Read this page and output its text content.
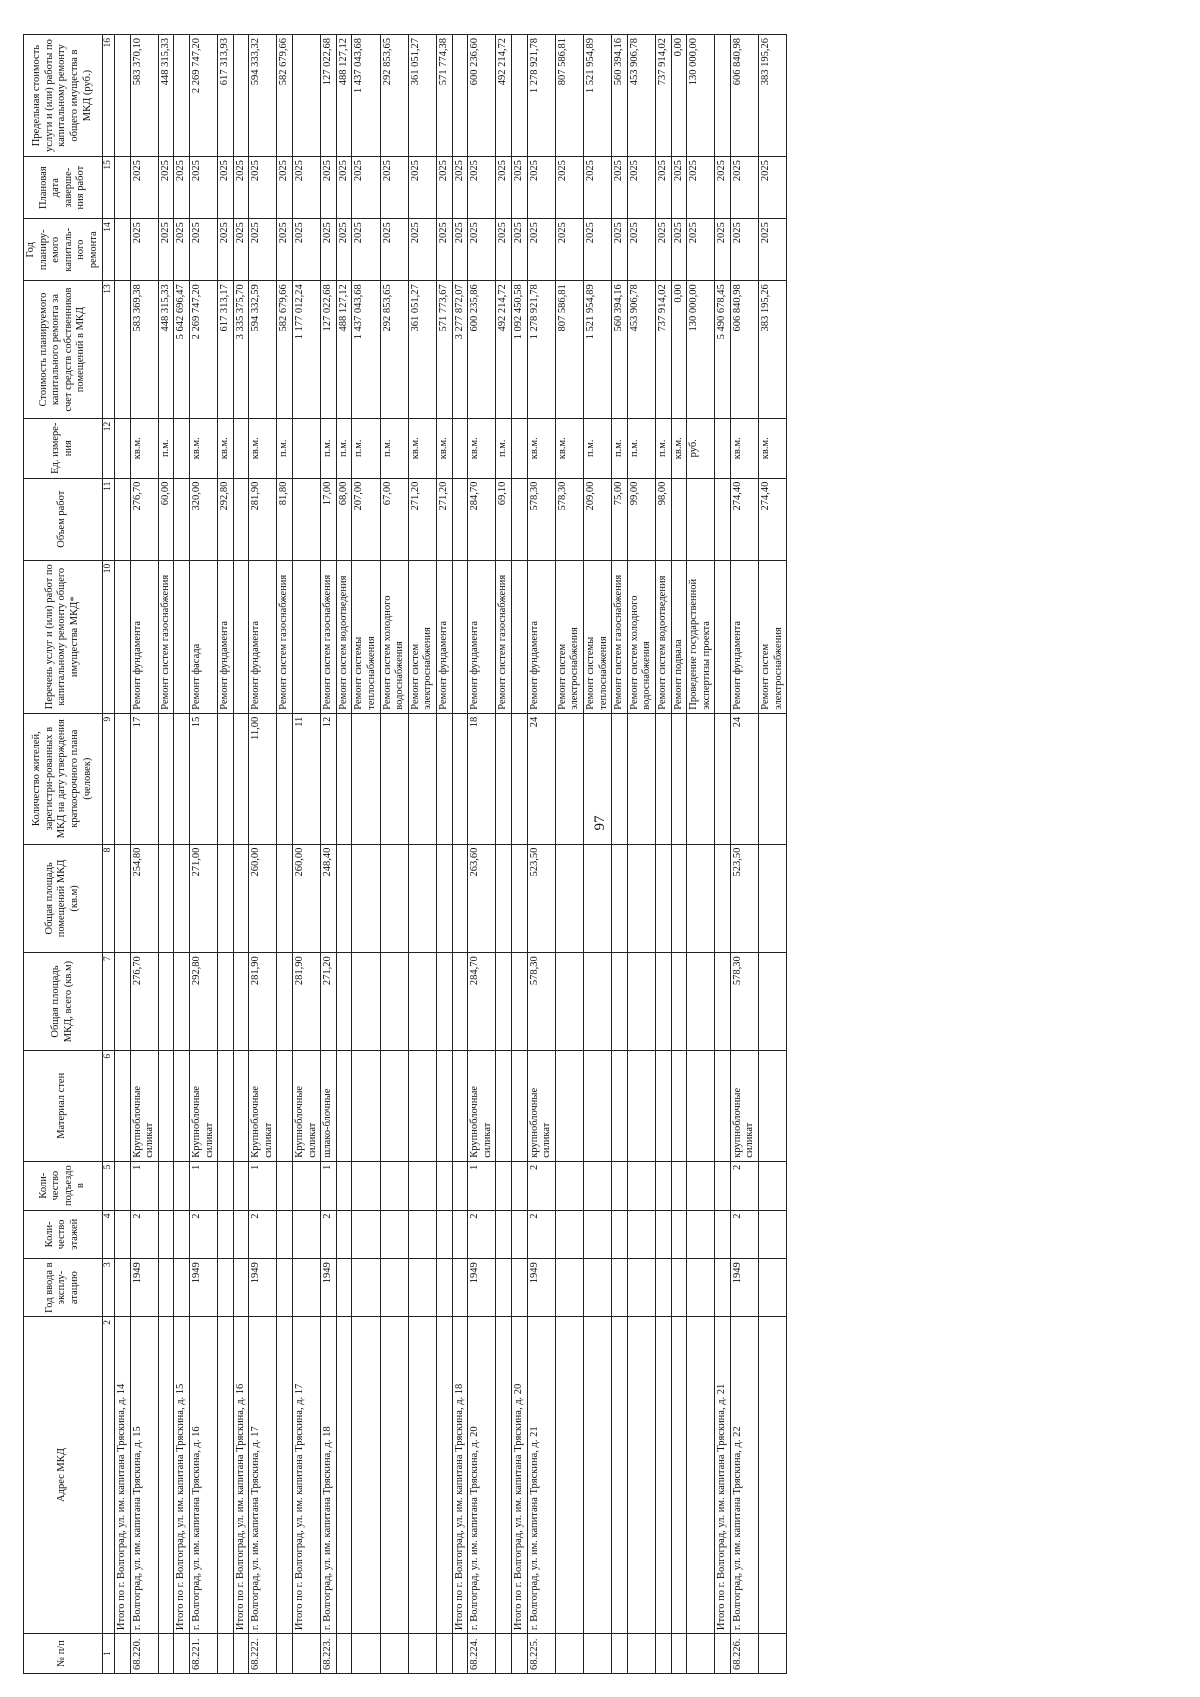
97
№ п/п	Адрес МКД	Год ввода в эксплу-атацию	Коли-чество этажей	Коли-чество подъездо в	Материал стен	Общая площадь МКД, всего (кв.м)	Общая площадь помещений МКД (кв.м)	Количество жителей, зарегистри-рованных в МКД на дату утверждения краткосрочного плана (человек)	Перечень услуг и (или) работ по капитальному ремонту общего имущества МКД*	Объем работ	Ед. измере-ния	Стоимость планируемого капитального ремонта за счет средств собственников помещений в МКД	Год планиру-емого капиталь-ного ремонта	Плановая дата заверше-ния работ	Предельная стоимость услуги и (или) работы по капитальному ремонту общего имущества в МКД (руб.)
1	2	3	4	5	6	7	8	9	10	11	12	13	14	15	16
	Итого по г. Волгоград, ул. им. капитана Тряскина, д. 14														
68.220.	г. Волгоград, ул. им. капитана Тряскина, д. 15	1949	2	1	Крупноблочные силикат	276,70	254,80	17	Ремонт фундамента	276,70	кв.м.	583 369,38	2025	2025	583 370,10
									Ремонт систем газоснабжения	60,00	п.м.	448 315,33	2025	2025	448 315,33
	Итого по г. Волгоград, ул. им. капитана Тряскина, д. 15											5 642 696,47	2025	2025	
68.221.	г. Волгоград, ул. им. капитана Тряскина, д. 16	1949	2	1	Крупноблочные силикат	292,80	271,00	15	Ремонт фасада	320,00	кв.м.	2 269 747,20	2025	2025	2 269 747,20
									Ремонт фундамента	292,80	кв.м.	617 313,17	2025	2025	617 313,93
	Итого по г. Волгоград, ул. им. капитана Тряскина, д. 16											3 335 375,70	2025	2025	
68.222.	г. Волгоград, ул. им. капитана Тряскина, д. 17	1949	2	1	Крупноблочные силикат	281,90	260,00	11,00	Ремонт фундамента	281,90	кв.м.	594 332,59	2025	2025	594 333,32
									Ремонт систем газоснабжения	81,80	п.м.	582 679,66	2025	2025	582 679,66
	Итого по г. Волгоград, ул. им. капитана Тряскина, д. 17				Крупноблочные силикат	281,90	260,00	11				1 177 012,24	2025	2025	
68.223.	г. Волгоград, ул. им. капитана Тряскина, д. 18	1949	2	1	шлако-блочные	271,20	248,40	12	Ремонт систем газоснабжения	17,00	п.м.	127 022,68	2025	2025	127 022,68
									Ремонт систем водоотведения	68,00	п.м.	488 127,12	2025	2025	488 127,12
									Ремонт системы теплоснабжения	207,00	п.м.	1 437 043,68	2025	2025	1 437 043,68
									Ремонт систем холодного водоснабжения	67,00	п.м.	292 853,65	2025	2025	292 853,65
									Ремонт систем электроснабжения	271,20	кв.м.	361 051,27	2025	2025	361 051,27
									Ремонт фундамента	271,20	кв.м.	571 773,67	2025	2025	571 774,38
	Итого по г. Волгоград, ул. им. капитана Тряскина, д. 18											3 277 872,07	2025	2025	
68.224.	г. Волгоград, ул. им. капитана Тряскина, д. 20	1949	2	1	Крупноблочные силикат	284,70	263,60	18	Ремонт фундамента	284,70	кв.м.	600 235,86	2025	2025	600 236,60
									Ремонт систем газоснабжения	69,10	п.м.	492 214,72	2025	2025	492 214,72
	Итого по г. Волгоград, ул. им. капитана Тряскина, д. 20											1 092 450,58	2025	2025	
68.225.	г. Волгоград, ул. им. капитана Тряскина, д. 21	1949	2	2	крупноблочные силикат	578,30	523,50	24	Ремонт фундамента	578,30	кв.м.	1 278 921,78	2025	2025	1 278 921,78
									Ремонт систем электроснабжения	578,30	кв.м.	807 586,81	2025	2025	807 586,81
									Ремонт системы теплоснабжения	209,00	п.м.	1 521 954,89	2025	2025	1 521 954,89
									Ремонт систем газоснабжения	75,00	п.м.	560 394,16	2025	2025	560 394,16
									Ремонт систем холодного водоснабжения	99,00	п.м.	453 906,78	2025	2025	453 906,78
									Ремонт систем водоотведения	98,00	п.м.	737 914,02	2025	2025	737 914,02
									Ремонт подвала		кв.м.	0,00	2025	2025	0,00
									Проведение государственной экспертизы проекта		руб.	130 000,00	2025	2025	130 000,00
	Итого по г. Волгоград, ул. им. капитана Тряскина, д. 21											5 490 678,45	2025	2025	
68.226.	г. Волгоград, ул. им. капитана Тряскина, д. 22	1949	2	2	крупноблочные силикат	578,30	523,50	24	Ремонт фундамента	274,40	кв.м.	606 840,98	2025	2025	606 840,98
									Ремонт систем электроснабжения	274,40	кв.м.	383 195,26	2025	2025	383 195,26
